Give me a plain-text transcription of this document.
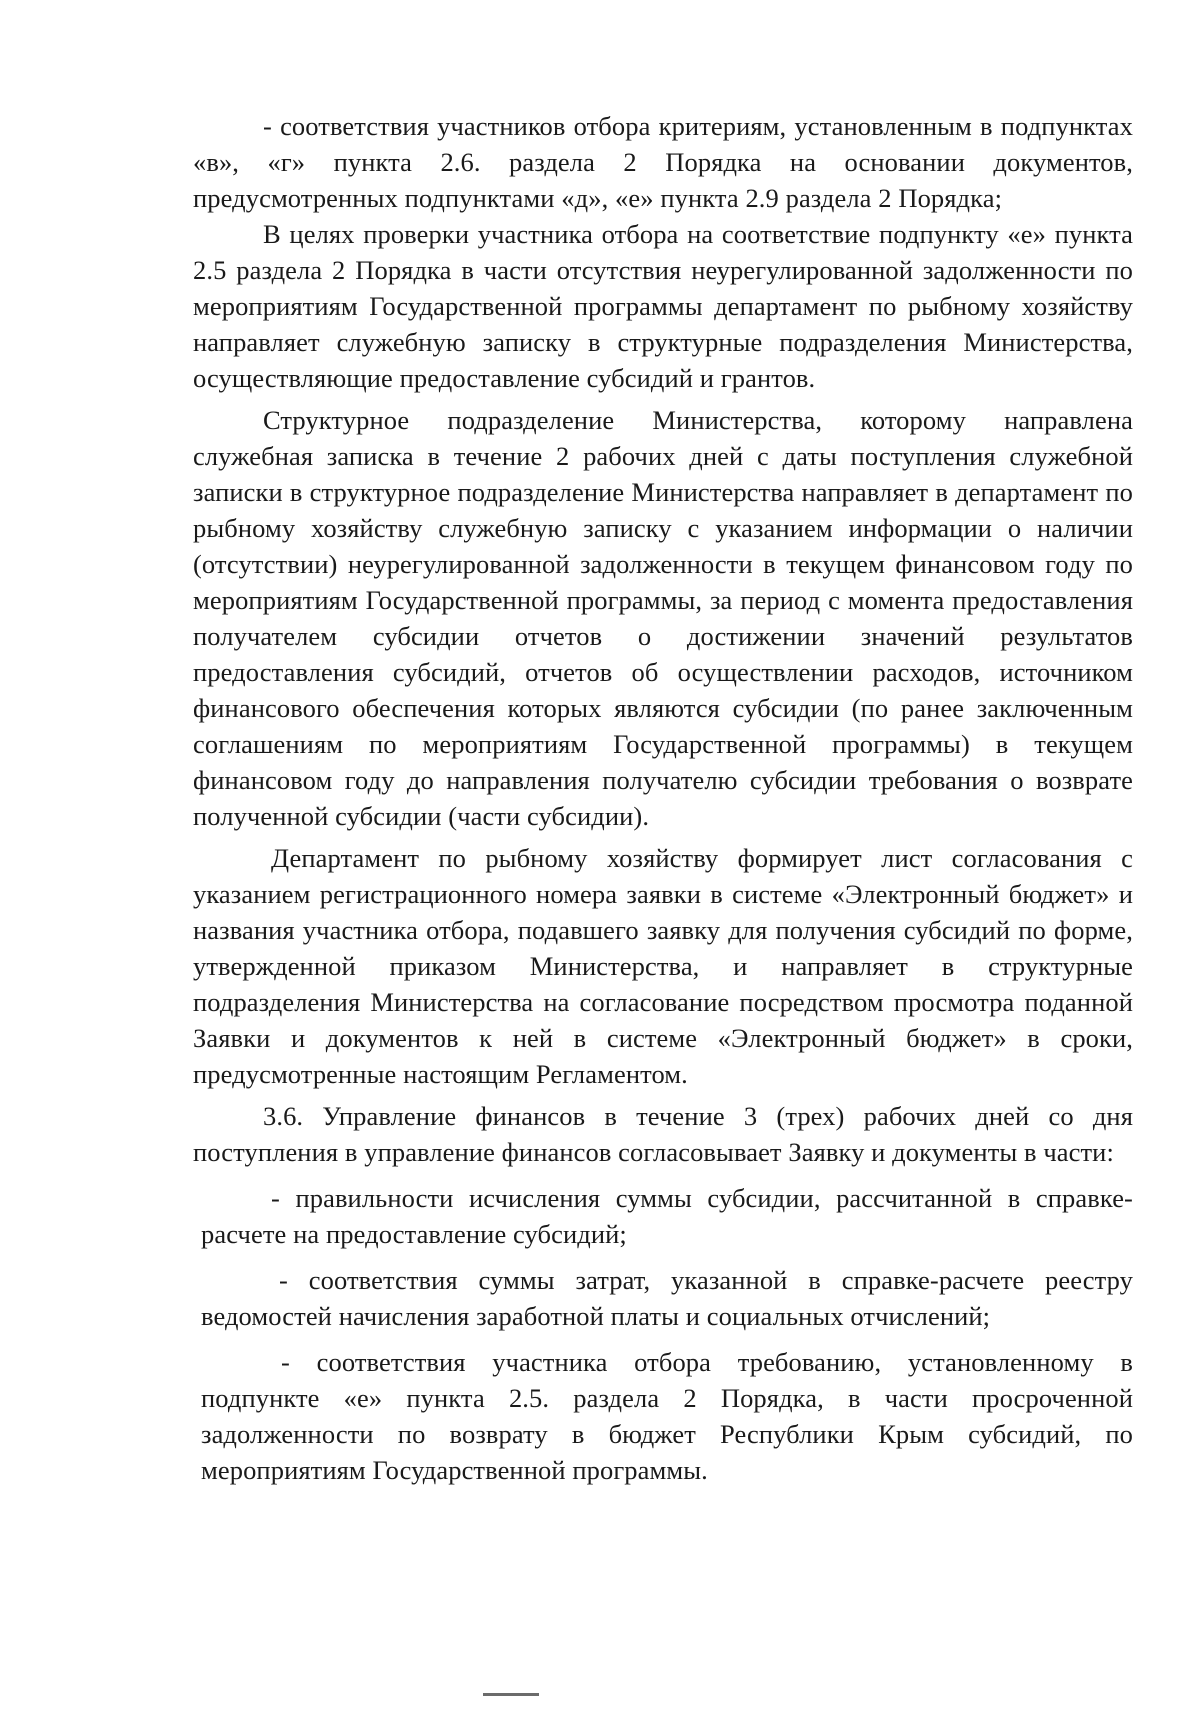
- соответствия участников отбора критериям, установленным в подпунктах «в», «г» пункта 2.6. раздела 2 Порядка на основании документов, предусмотренных подпунктами «д», «е» пункта 2.9 раздела 2 Порядка;

В целях проверки участника отбора на соответствие подпункту «е» пункта 2.5 раздела 2 Порядка в части отсутствия неурегулированной задолженности по мероприятиям Государственной программы департамент по рыбному хозяйству направляет служебную записку в структурные подразделения Министерства, осуществляющие предоставление субсидий и грантов.

Структурное подразделение Министерства, которому направлена служебная записка в течение 2 рабочих дней с даты поступления служебной записки в структурное подразделение Министерства направляет в департамент по рыбному хозяйству служебную записку с указанием информации о наличии (отсутствии) неурегулированной задолженности в текущем финансовом году по мероприятиям Государственной программы, за период с момента предоставления получателем субсидии отчетов о достижении значений результатов предоставления субсидий, отчетов об осуществлении расходов, источником финансового обеспечения которых являются субсидии (по ранее заключенным соглашениям по мероприятиям Государственной программы) в текущем финансовом году до направления получателю субсидии требования о возврате полученной субсидии (части субсидии).

Департамент по рыбному хозяйству формирует лист согласования с указанием регистрационного номера заявки в системе «Электронный бюджет» и названия участника отбора, подавшего заявку для получения субсидий по форме, утвержденной приказом Министерства, и направляет в структурные подразделения Министерства на согласование посредством просмотра поданной Заявки и документов к ней в системе «Электронный бюджет» в сроки, предусмотренные настоящим Регламентом.

3.6. Управление финансов в течение 3 (трех) рабочих дней со дня поступления в управление финансов согласовывает Заявку и документы в части:

- правильности исчисления суммы субсидии, рассчитанной в справке-расчете на предоставление субсидий;

- соответствия суммы затрат, указанной в справке-расчете реестру ведомостей начисления заработной платы и социальных отчислений;

- соответствия участника отбора требованию, установленному в подпункте «е» пункта 2.5. раздела 2 Порядка, в части просроченной задолженности по возврату в бюджет Республики Крым субсидий, по мероприятиям Государственной программы.
